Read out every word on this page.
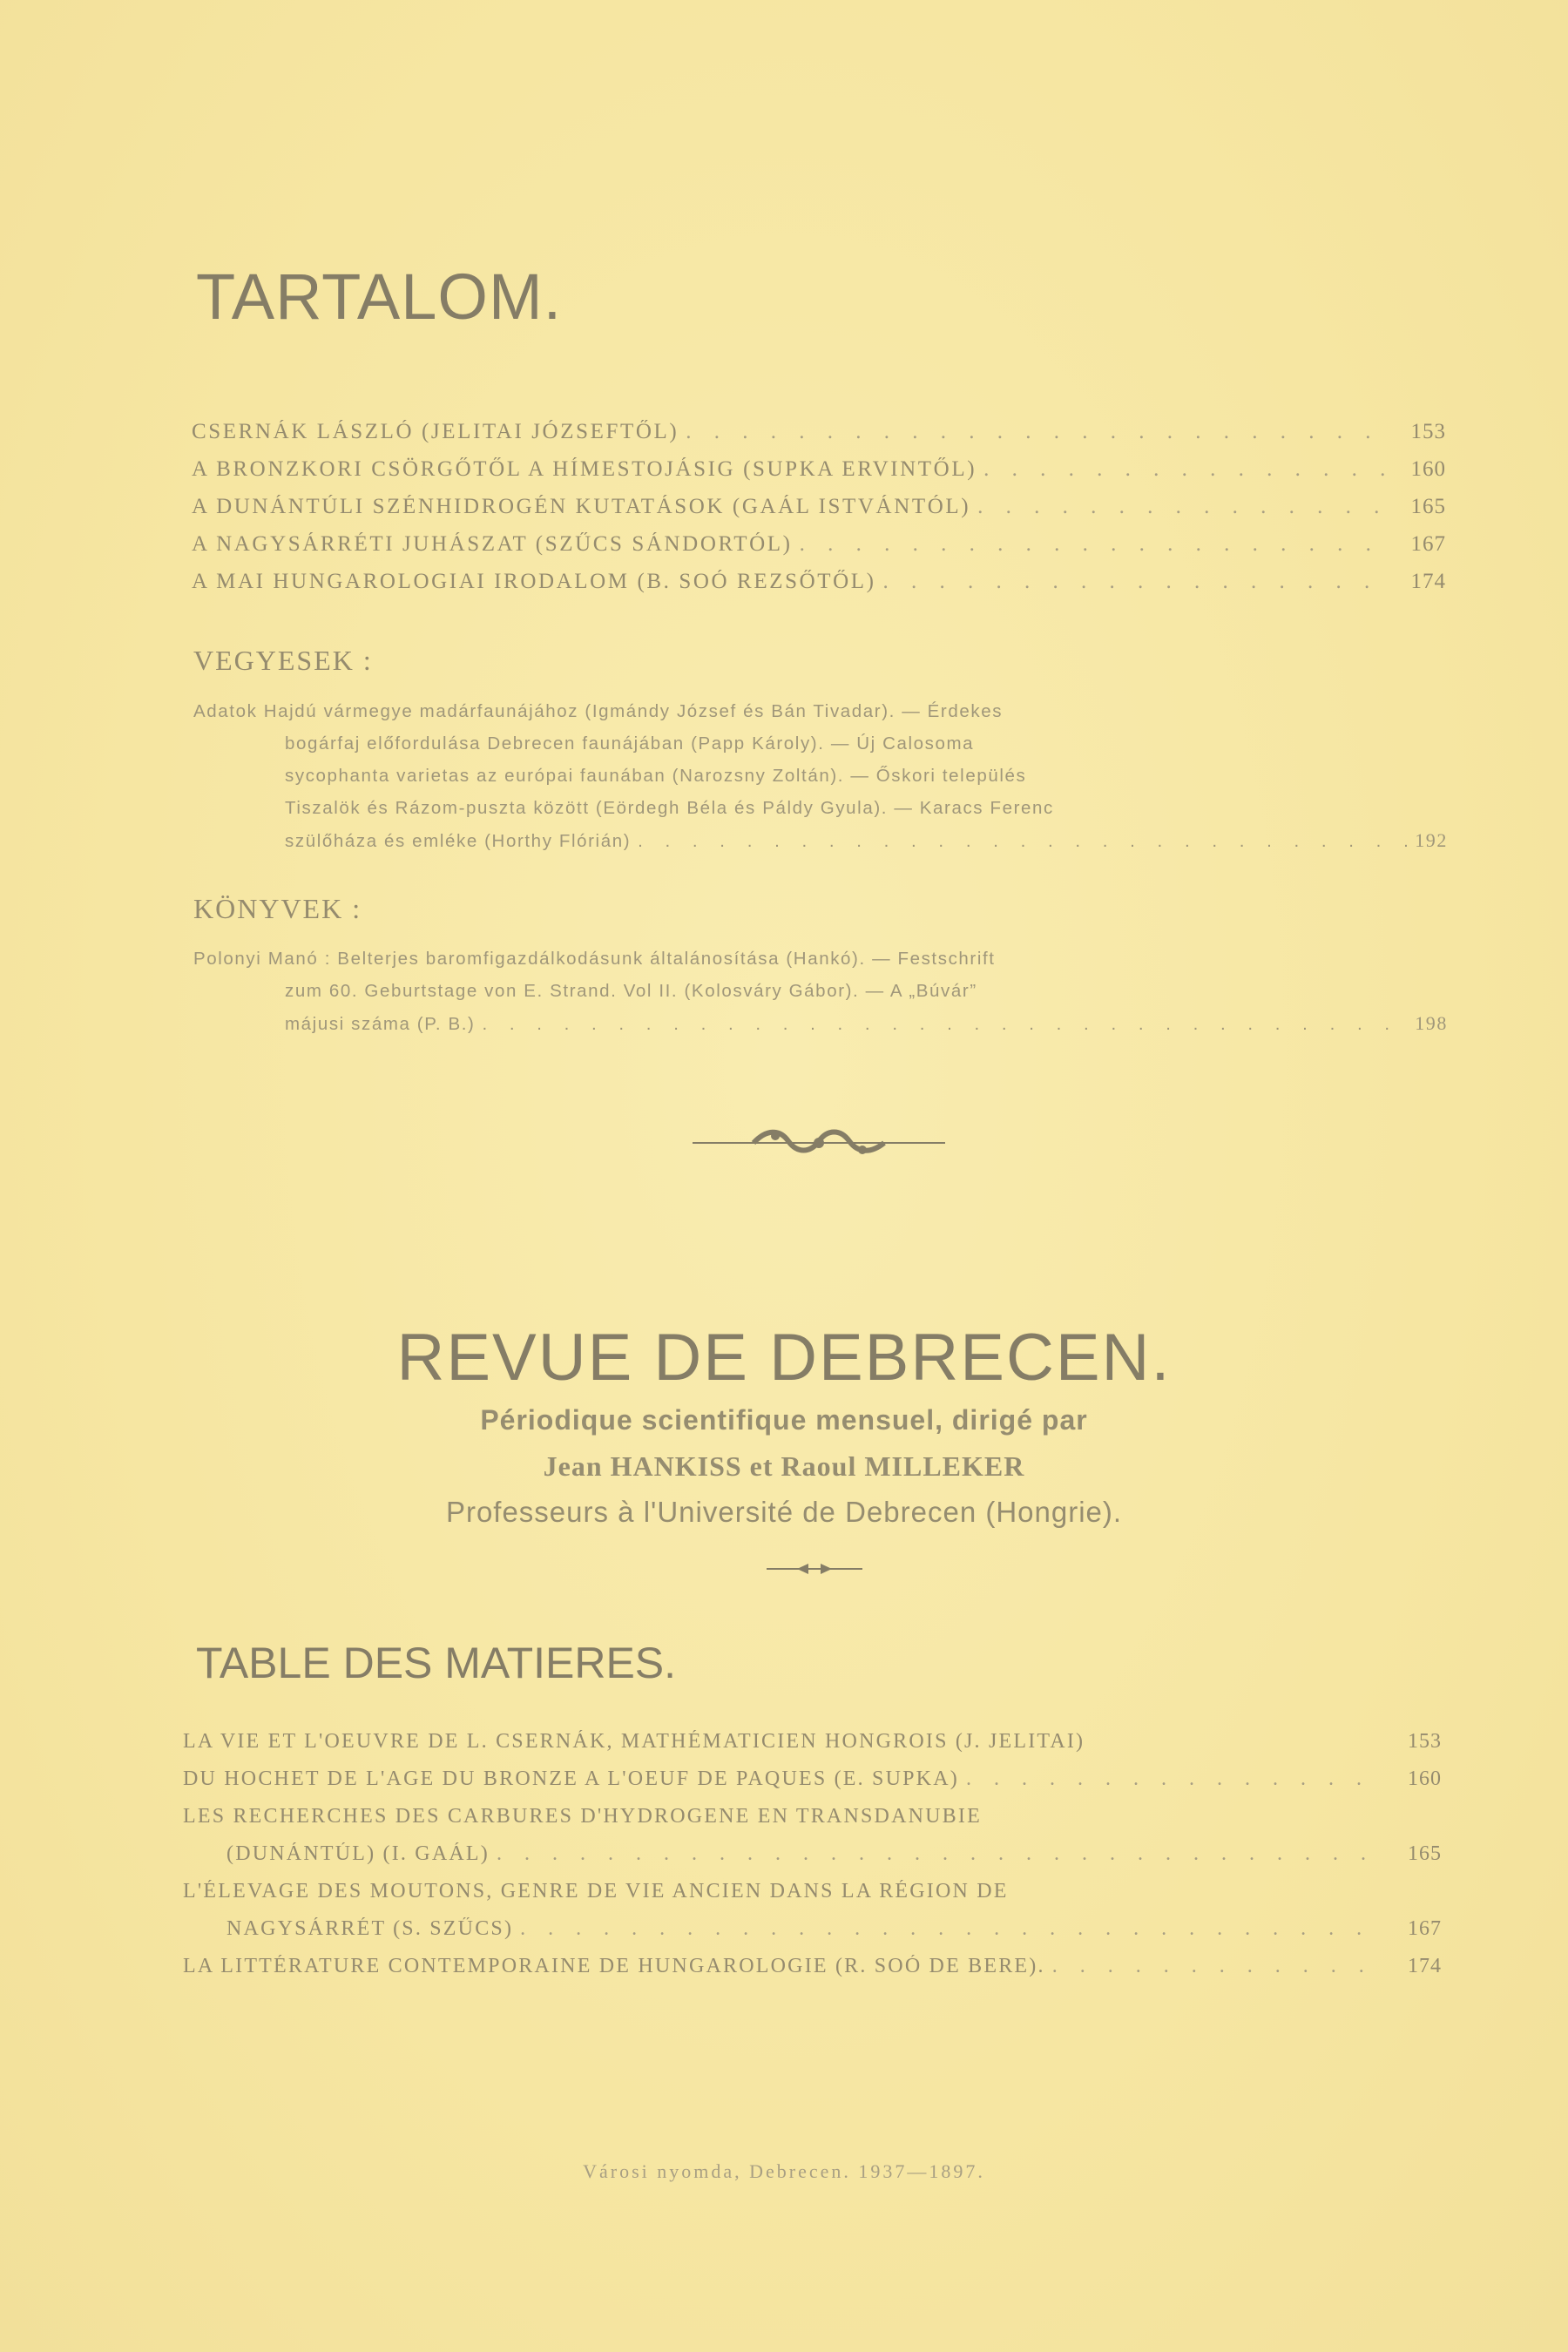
TARTALOM.
CSERNÁK LÁSZLÓ (JELITAI JÓZSEFTŐL) . . .	153
A BRONZKORI CSÖRGŐTŐL A HÍMESTOJÁSIG (SUPKA ERVINTŐL) . . .	160
A DUNÁNTÚLI SZÉNHIDROGÉN KUTATÁSOK (GAÁL ISTVÁNTÓL) . . .	165
A NAGYSÁRRÉTI JUHÁSZAT (SZŰCS SÁNDORTÓL) . . .	167
A MAI HUNGAROLOGIAI IRODALOM (B. SOÓ REZSŐTŐL) . . .	174
VEGYESEK :
Adatok Hajdú vármegye madárfaunájához (Igmándy József és Bán Tivadar). — Érdekes
bogárfaj előfordulása Debrecen faunájában (Papp Károly). — Új Calosoma
sycophanta varietas az európai faunában (Narozsny Zoltán). — Őskori település
Tiszalök és Rázom-puszta között (Eördegh Béla és Páldy Gyula). — Karacs Ferenc
szülőháza és emléke (Horthy Flórián) . . .	192
KÖNYVEK :
Polonyi Manó : Belterjes baromfigazdálkodásunk általánosítása (Hankó). — Festschrift
zum 60. Geburtstage von E. Strand. Vol II. (Kolosváry Gábor). — A „Búvár”
májusi száma (P. B.) . . .	198
REVUE DE DEBRECEN.
Périodique scientifique mensuel, dirigé par
Jean HANKISS et Raoul MILLEKER
Professeurs à l'Université de Debrecen (Hongrie).
TABLE DES MATIERES.
LA VIE ET L'OEUVRE DE L. CSERNÁK, MATHÉMATICIEN HONGROIS (J. JELITAI)	153
DU HOCHET DE L'AGE DU BRONZE A L'OEUF DE PAQUES (E. SUPKA) . . .	160
LES RECHERCHES DES CARBURES D'HYDROGENE EN TRANSDANUBIE
(DUNÁNTÚL) (I. GAÁL) . . .	165
L'ÉLEVAGE DES MOUTONS, GENRE DE VIE ANCIEN DANS LA RÉGION DE
NAGYSÁRRÉT (S. SZŰCS) . . .	167
LA LITTÉRATURE CONTEMPORAINE DE HUNGAROLOGIE (R. SOÓ DE BERE). . . .	174
Városi nyomda, Debrecen. 1937—1897.
